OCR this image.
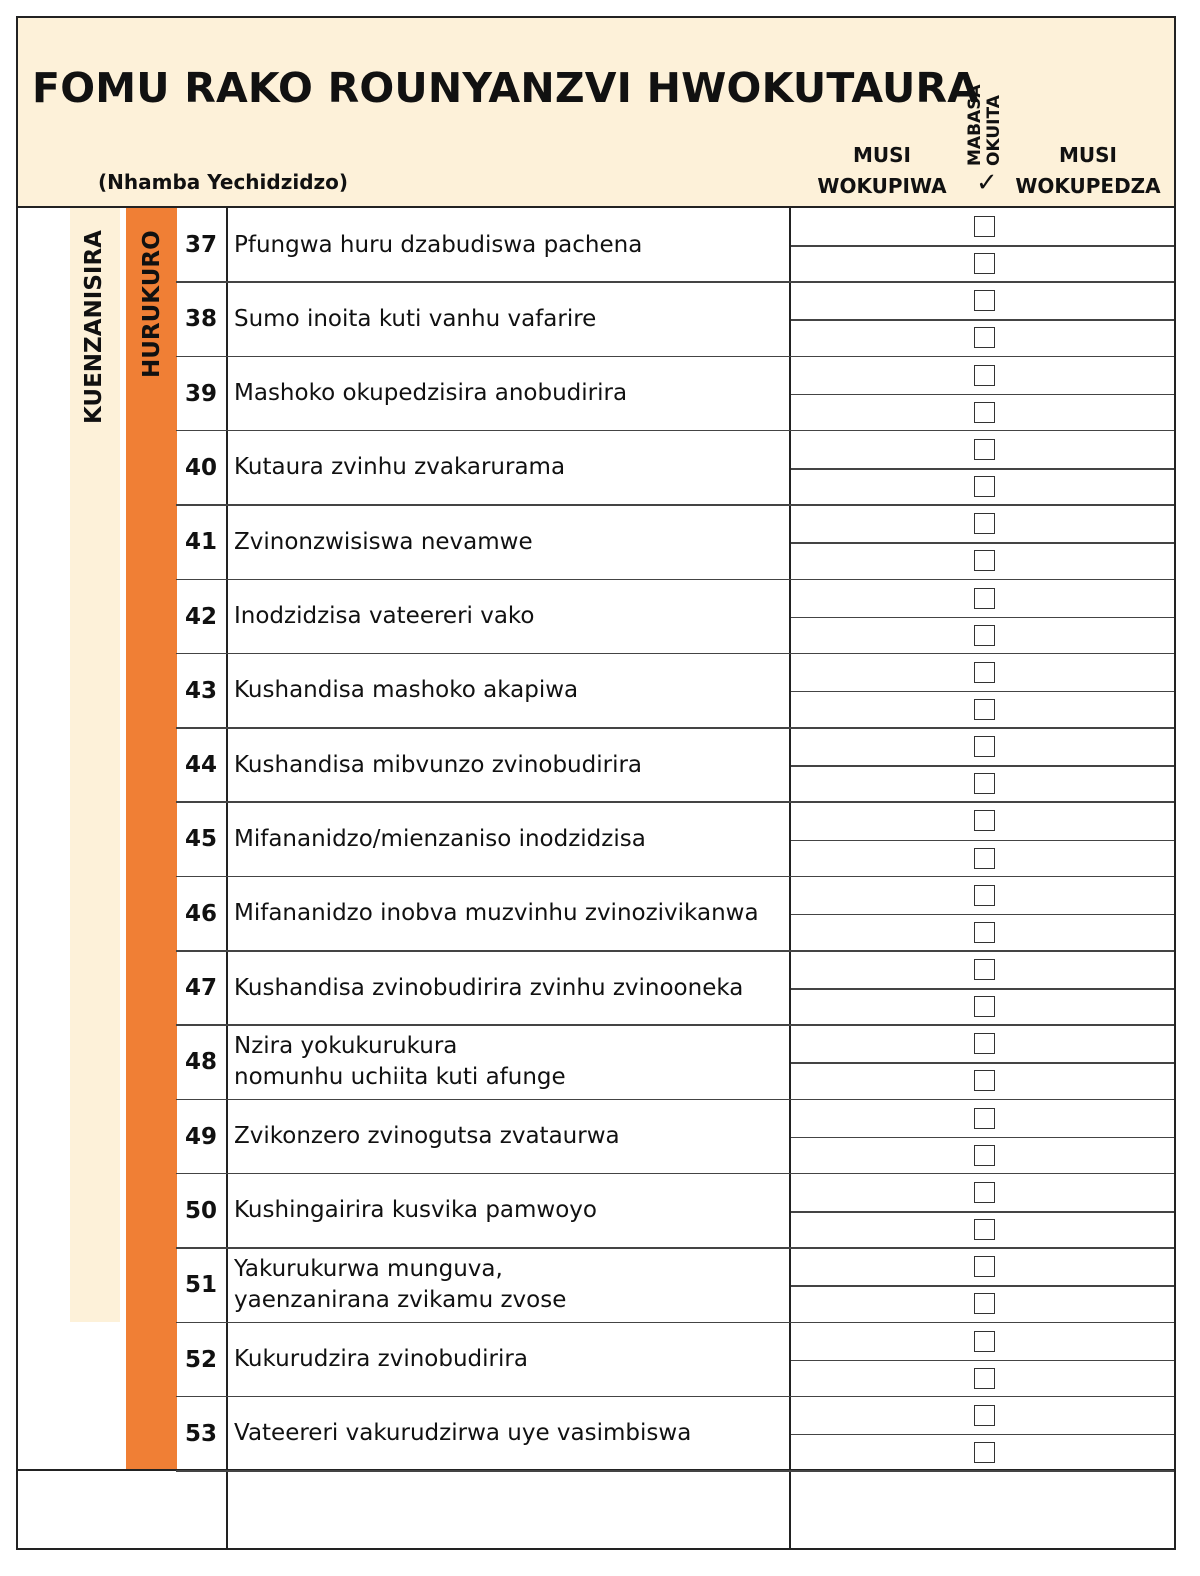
FOMU RAKO ROUNYANZVI HWOKUTAURA
(Nhamba Yechidzidzo)
MUSI
WOKUPIWA
MABASA OKUITA
✓
MUSI
WOKUPEDZA
KUENZANISIRA HURUKURO 37 Pfungwa huru dzabudiswa pachena
38 Sumo inoita kuti vanhu vafarire
39 Mashoko okupedzisira anobudirira
40 Kutaura zvinhu zvakarurama
41 Zvinonzwisiswa nevamwe
42 Inodzidzisa vateereri vako
43 Kushandisa mashoko akapiwa
44 Kushandisa mibvunzo zvinobudirira
45 Mifananidzo/mienzaniso inodzidzisa
46 Mifananidzo inobva muzvinhu zvinozivikanwa
47 Kushandisa zvinobudirira zvinhu zvinooneka
48
Nzira yokukurukura
nomunhu uchiita kuti afunge
49 Zvikonzero zvinogutsa zvataurwa
50 Kushingairira kusvika pamwoyo
51
Yakurukurwa munguva,
yaenzanirana zvikamu zvose
52 Kukurudzira zvinobudirira
53 Vateereri vakurudzirwa uye vasimbiswa
